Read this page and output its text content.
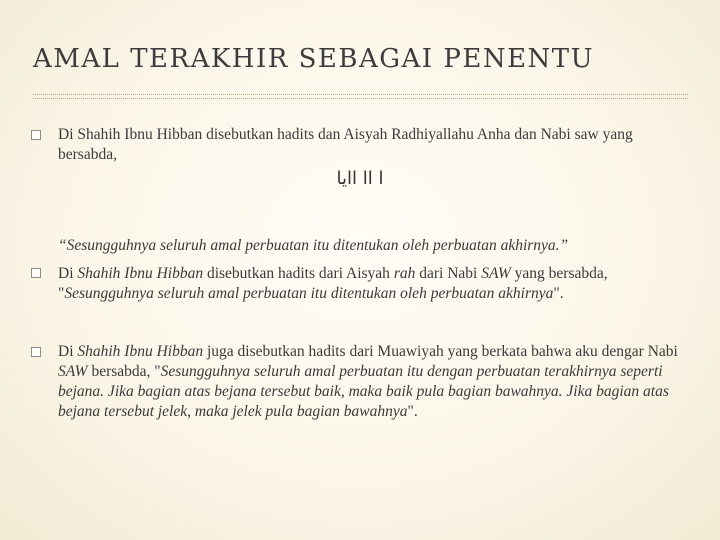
AMAL TERAKHIR SEBAGAI PENENTU
Di Shahih Ibnu Hibban disebutkan hadits dan Aisyah Radhiyallahu Anha dan Nabi saw yang bersabda,
ا اا اايا
“Sesungguhnya seluruh amal perbuatan itu ditentukan oleh perbuatan akhirnya.”
Di Shahih Ibnu Hibban disebutkan hadits dari Aisyah rah dari Nabi SAW yang bersabda, "Sesungguhnya seluruh amal perbuatan itu ditentukan oleh perbuatan akhirnya".
Di Shahih Ibnu Hibban juga disebutkan hadits dari Muawiyah yang berkata bahwa aku dengar Nabi SAW bersabda, "Sesungguhnya seluruh amal perbuatan itu dengan perbuatan terakhirnya seperti bejana. Jika bagian atas bejana tersebut baik, maka baik pula bagian bawahnya. Jika bagian atas bejana tersebut jelek, maka jelek pula bagian bawahnya".
